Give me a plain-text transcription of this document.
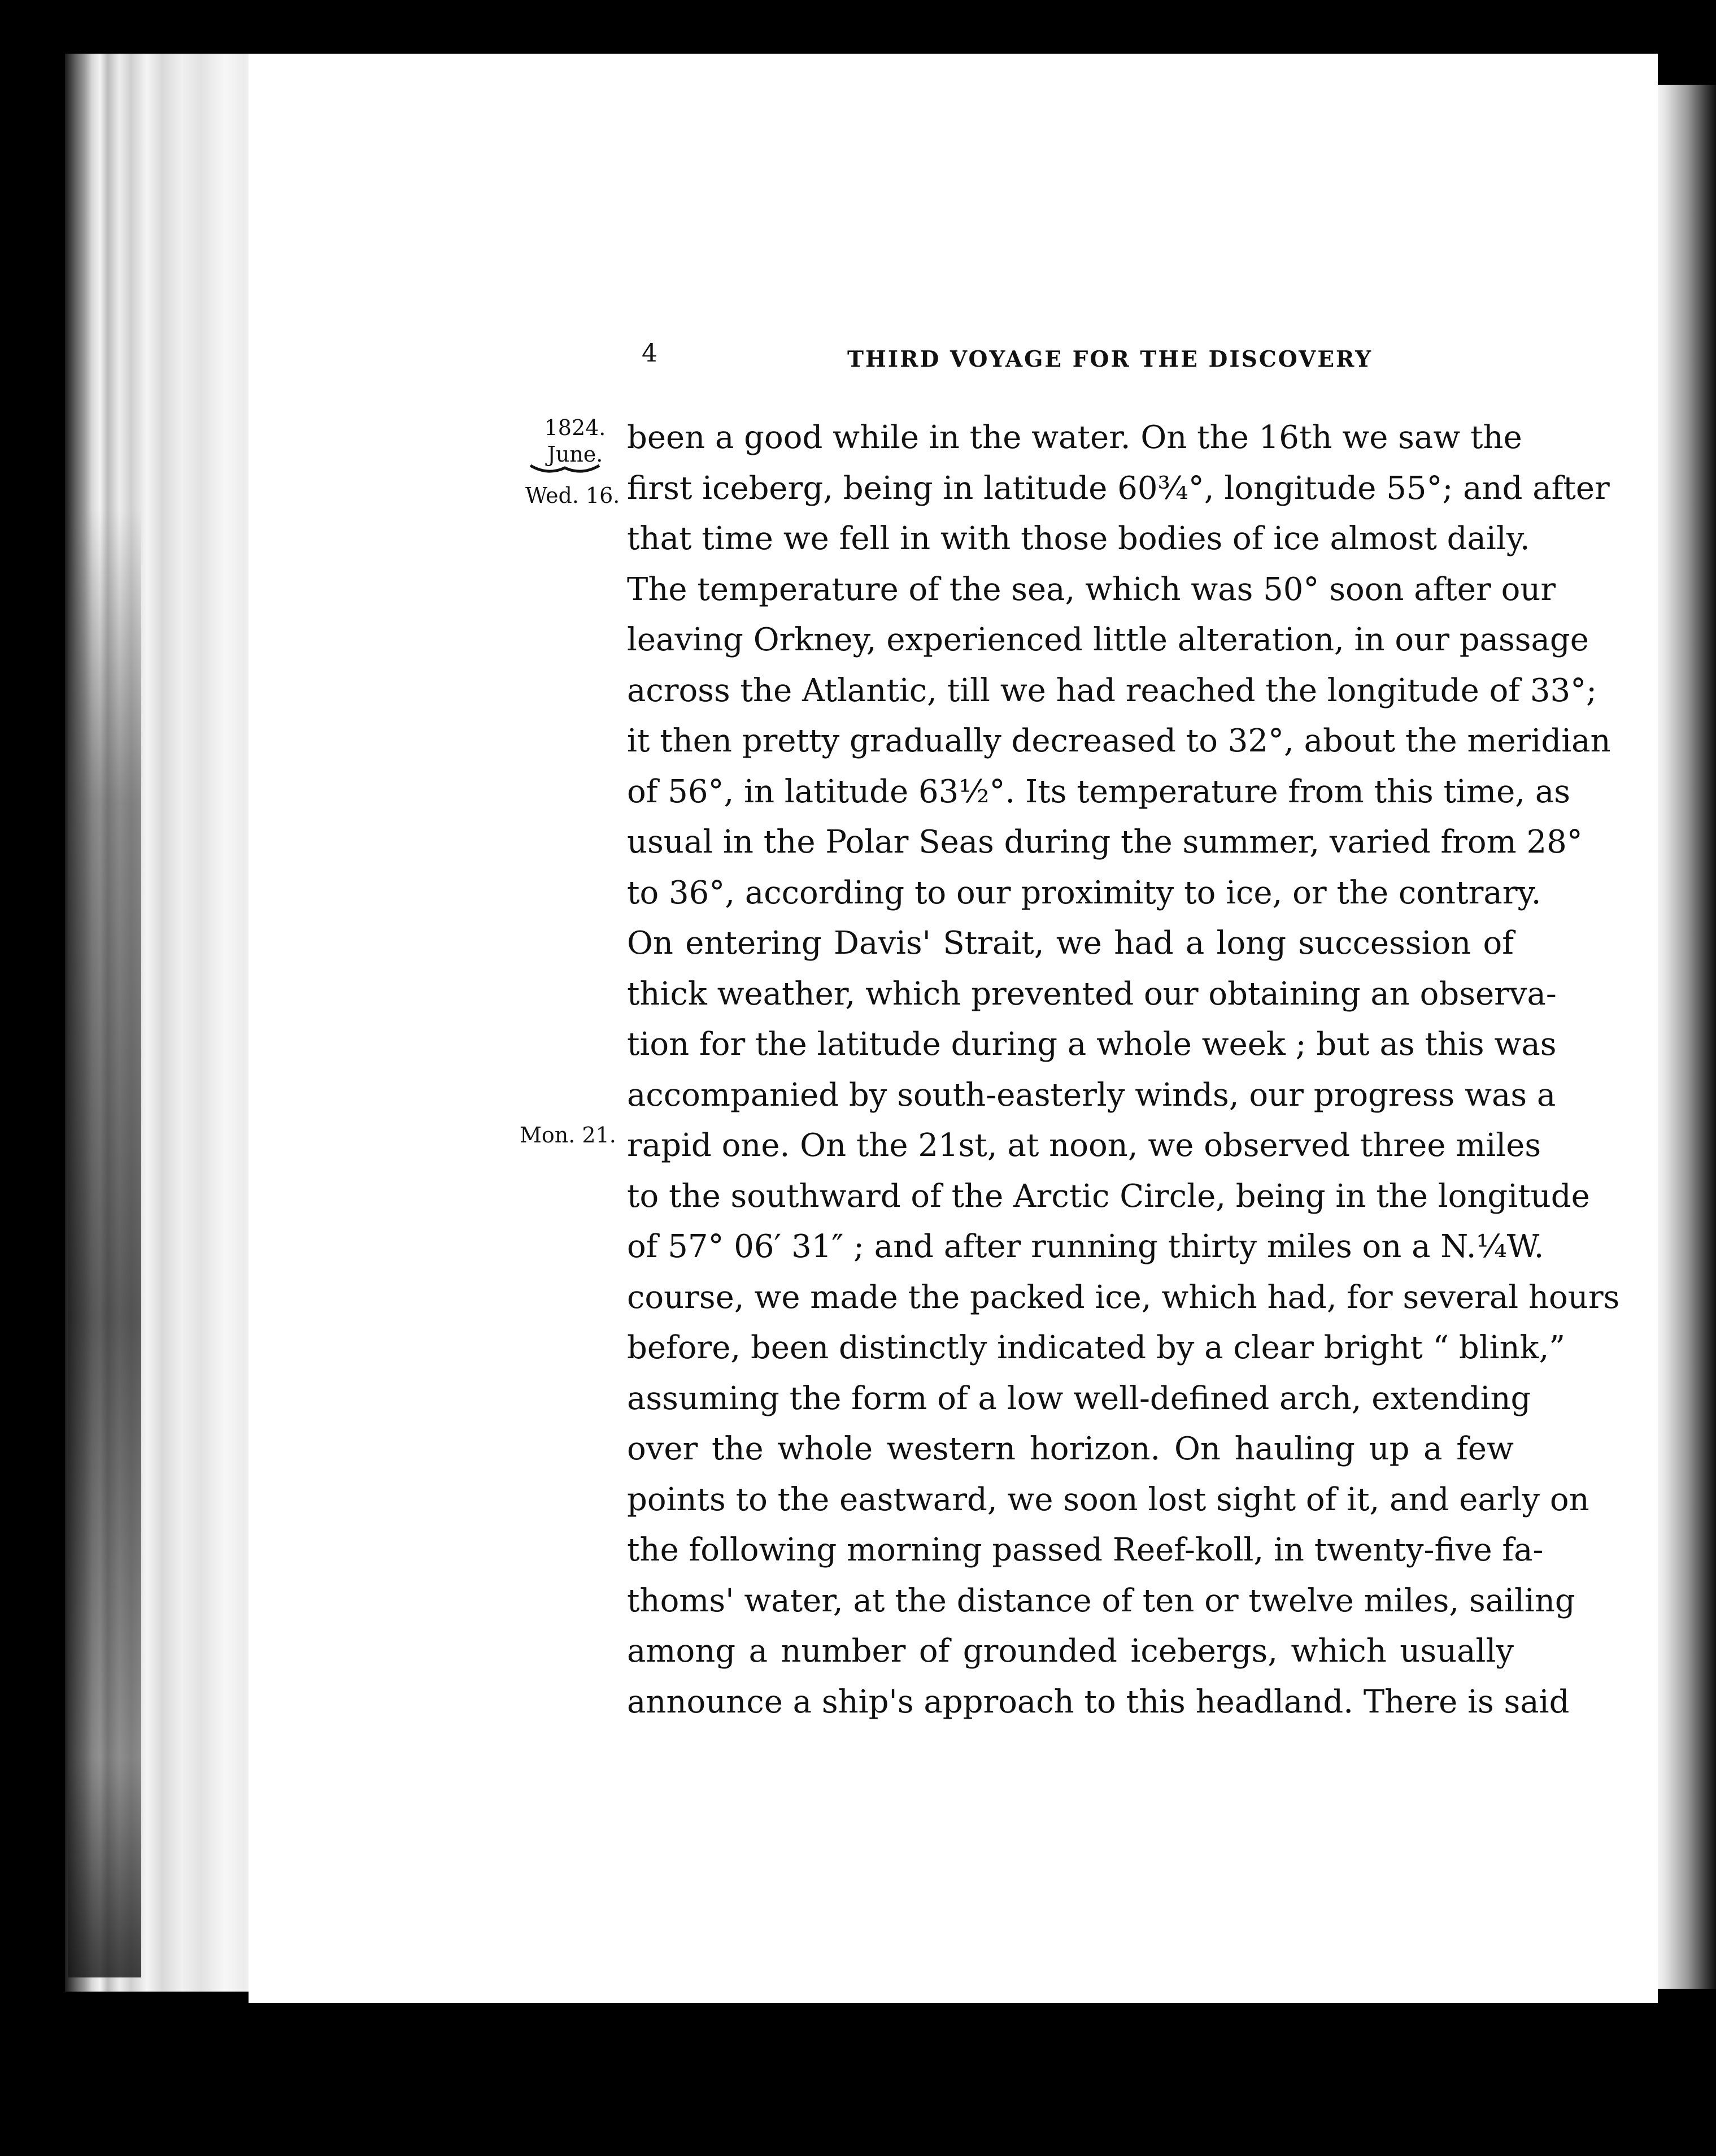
4	THIRD VOYAGE FOR THE DISCOVERY
1824.
June.
Wed. 16.
Mon. 21.
been a good while in the water. On the 16th we saw the
first iceberg, being in latitude 60¾°, longitude 55°; and after
that time we fell in with those bodies of ice almost daily.
The temperature of the sea, which was 50° soon after our
leaving Orkney, experienced little alteration, in our passage
across the Atlantic, till we had reached the longitude of 33°;
it then pretty gradually decreased to 32°, about the meridian
of 56°, in latitude 63½°. Its temperature from this time, as
usual in the Polar Seas during the summer, varied from 28°
to 36°, according to our proximity to ice, or the contrary.
On entering Davis' Strait, we had a long succession of
thick weather, which prevented our obtaining an observa-
tion for the latitude during a whole week ; but as this was
accompanied by south-easterly winds, our progress was a
rapid one. On the 21st, at noon, we observed three miles
to the southward of the Arctic Circle, being in the longitude
of 57° 06′ 31″ ; and after running thirty miles on a N.¼W.
course, we made the packed ice, which had, for several hours
before, been distinctly indicated by a clear bright “ blink,”
assuming the form of a low well-defined arch, extending
over the whole western horizon. On hauling up a few
points to the eastward, we soon lost sight of it, and early on
the following morning passed Reef-koll, in twenty-five fa-
thoms' water, at the distance of ten or twelve miles, sailing
among a number of grounded icebergs, which usually
announce a ship's approach to this headland. There is said
